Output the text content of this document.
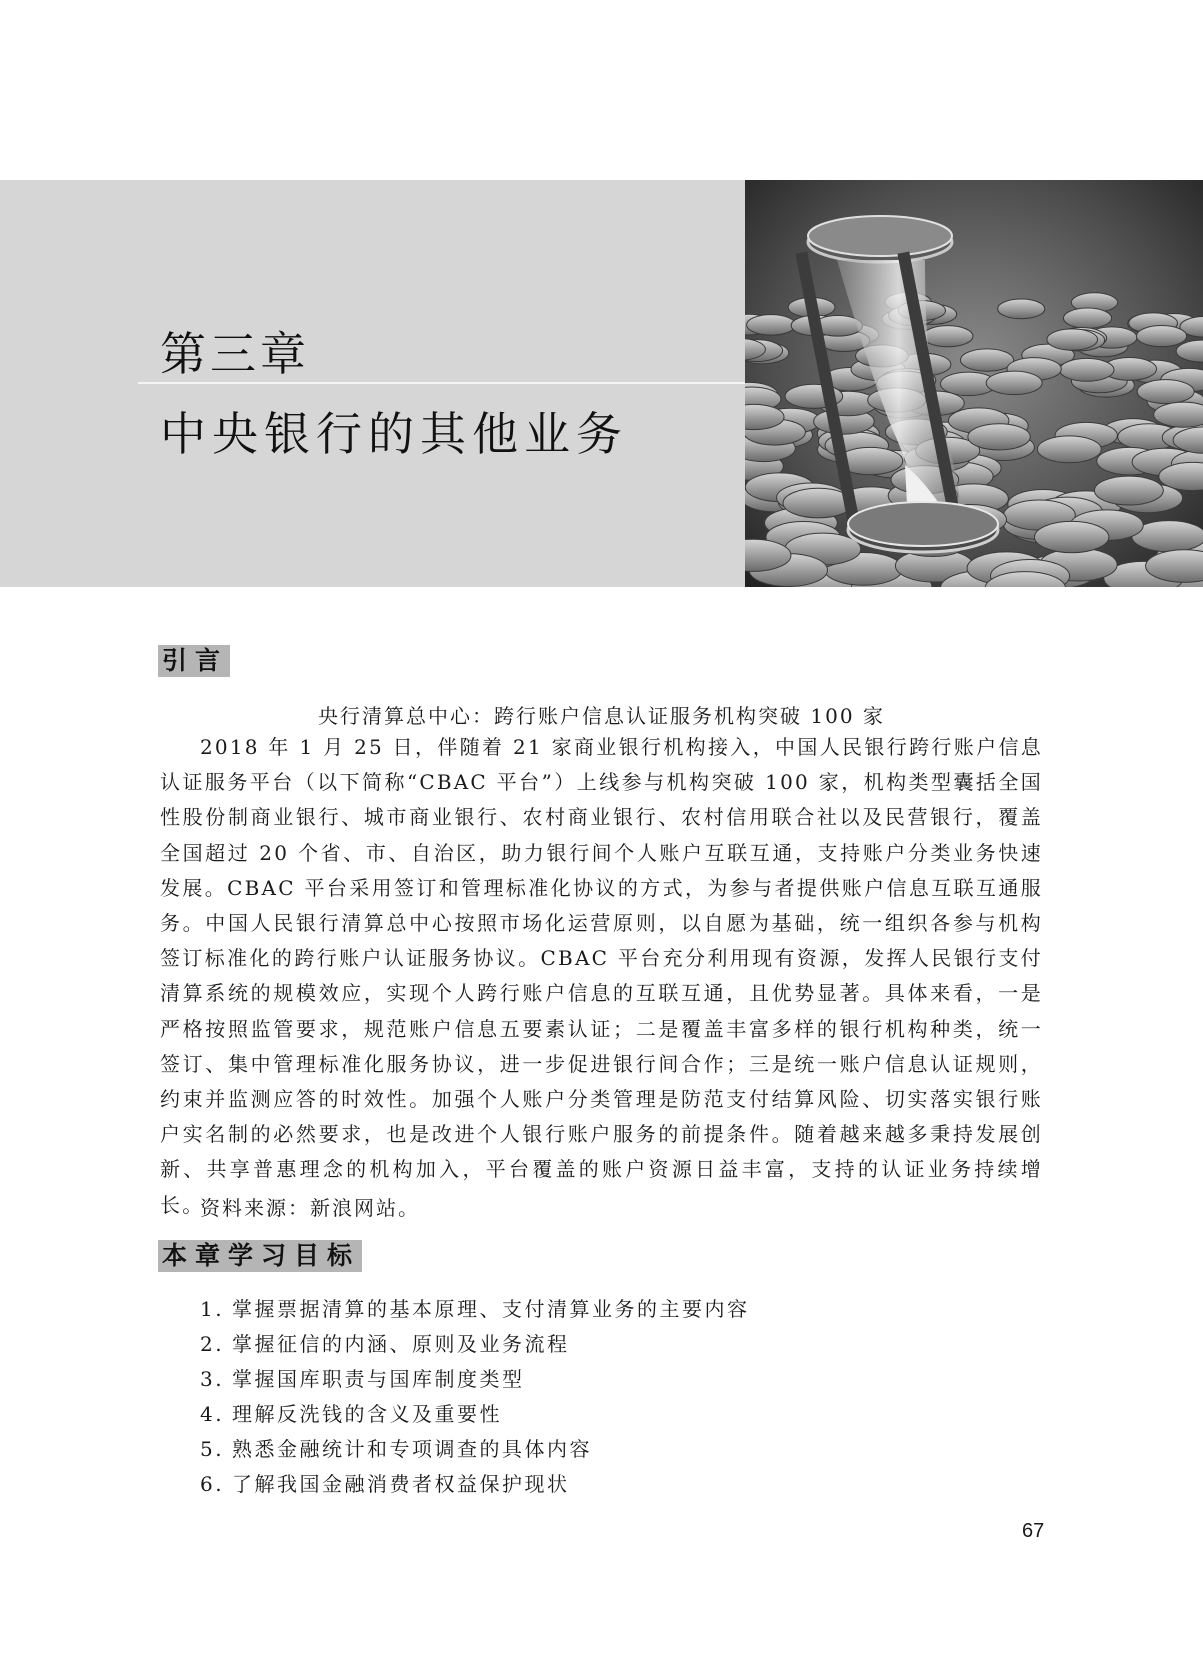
第三章
中央银行的其他业务
引言
央行清算总中心：跨行账户信息认证服务机构突破 100 家

2018 年 1 月 25 日，伴随着 21 家商业银行机构接入，中国人民银行跨行账户信息认证服务平台（以下简称“CBAC 平台”）上线参与机构突破 100 家，机构类型囊括全国性股份制商业银行、城市商业银行、农村商业银行、农村信用联合社以及民营银行，覆盖全国超过 20 个省、市、自治区，助力银行间个人账户互联互通，支持账户分类业务快速发展。CBAC 平台采用签订和管理标准化协议的方式，为参与者提供账户信息互联互通服务。中国人民银行清算总中心按照市场化运营原则，以自愿为基础，统一组织各参与机构签订标准化的跨行账户认证服务协议。CBAC 平台充分利用现有资源，发挥人民银行支付清算系统的规模效应，实现个人跨行账户信息的互联互通，且优势显著。具体来看，一是严格按照监管要求，规范账户信息五要素认证；二是覆盖丰富多样的银行机构种类，统一签订、集中管理标准化服务协议，进一步促进银行间合作；三是统一账户信息认证规则，约束并监测应答的时效性。加强个人账户分类管理是防范支付结算风险、切实落实银行账户实名制的必然要求，也是改进个人银行账户服务的前提条件。随着越来越多秉持发展创新、共享普惠理念的机构加入，平台覆盖的账户资源日益丰富，支持的认证业务持续增长。

资料来源：新浪网站。
本章学习目标
1. 掌握票据清算的基本原理、支付清算业务的主要内容
2. 掌握征信的内涵、原则及业务流程
3. 掌握国库职责与国库制度类型
4. 理解反洗钱的含义及重要性
5. 熟悉金融统计和专项调查的具体内容
6. 了解我国金融消费者权益保护现状
67
